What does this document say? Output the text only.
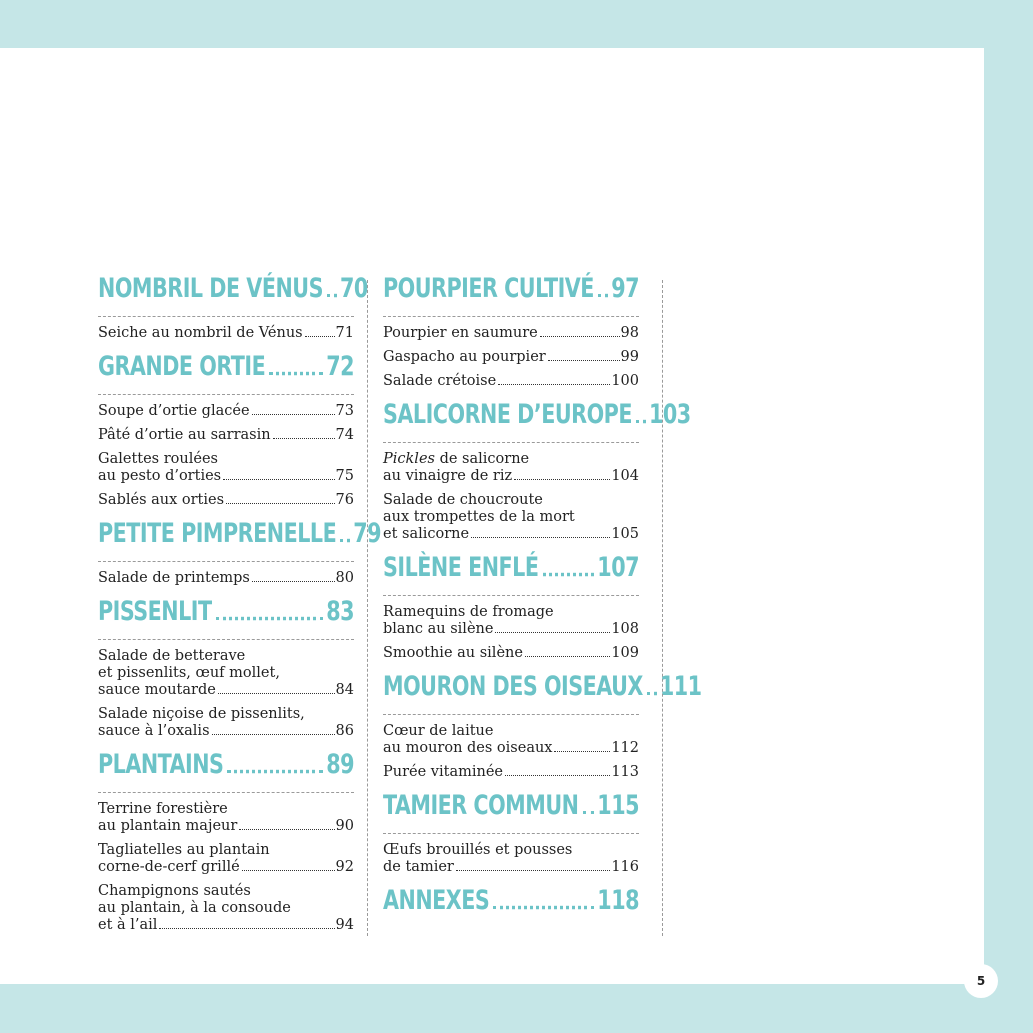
NOMBRIL DE VÉNUS 70
Seiche au nombril de Vénus 71
GRANDE ORTIE	72
Soupe d’ortie glacée	73
Pâté d’ortie au sarrasin	74
Galettes roulées
au pesto d’orties	75
Sablés aux orties	76
PETITE PIMPRENELLE 79
Salade de printemps	80
PISSENLIT	83
Salade de betterave
et pissenlits, œuf mollet,
sauce moutarde	84
Salade niçoise de pissenlits,
sauce à l’oxalis	86
PLANTAINS	89
Terrine forestière
au plantain majeur	90
Tagliatelles au plantain
corne-de-cerf grillé	92
Champignons sautés
au plantain, à la consoude
et à l’ail	94
POURPIER CULTIVÉ 97
Pourpier en saumure	98
Gaspacho au pourpier	99
Salade crétoise	100
SALICORNE D’EUROPE 103
Pickles de salicorne
au vinaigre de riz	104
Salade de choucroute
aux trompettes de la mort
et salicorne	105
SILÈNE ENFLÉ	107
Ramequins de fromage
blanc au silène	108
Smoothie au silène	109
MOURON DES OISEAUX 111
Cœur de laitue
au mouron des oiseaux	112
Purée vitaminée	113
TAMIER COMMUN 115
Œufs brouillés et pousses
de tamier	116
ANNEXES	118
5
